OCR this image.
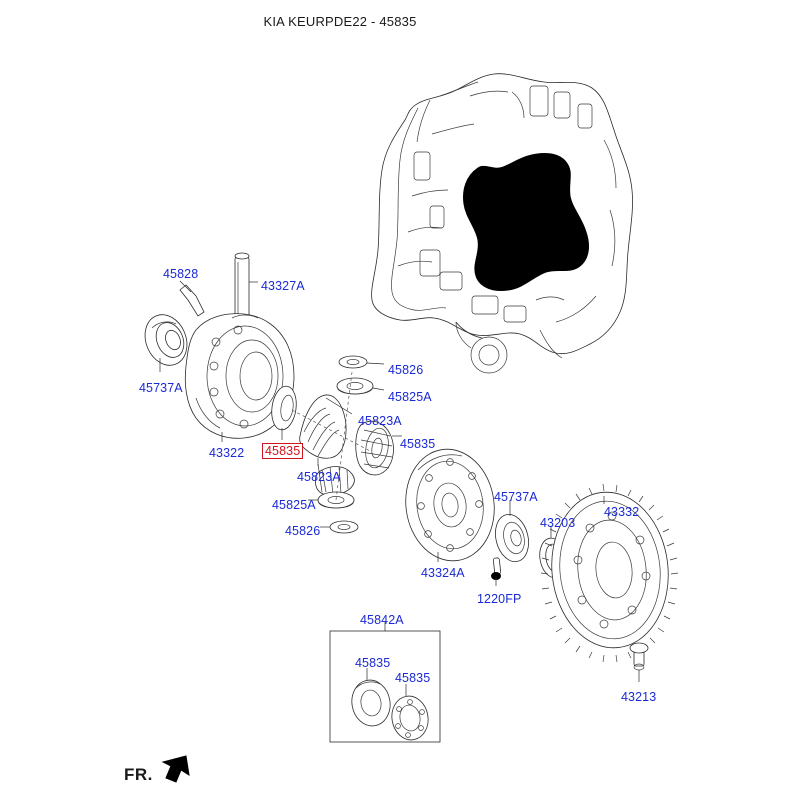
KIA KEURPDE22 - 45835
45828
43327A
45737A
43322 45835
45826
45825A
45823A
45823A
45825A
45826
45835
43324A
45737A
1220FP
43203
43332
43213
45842A
45835
45835
FR.
